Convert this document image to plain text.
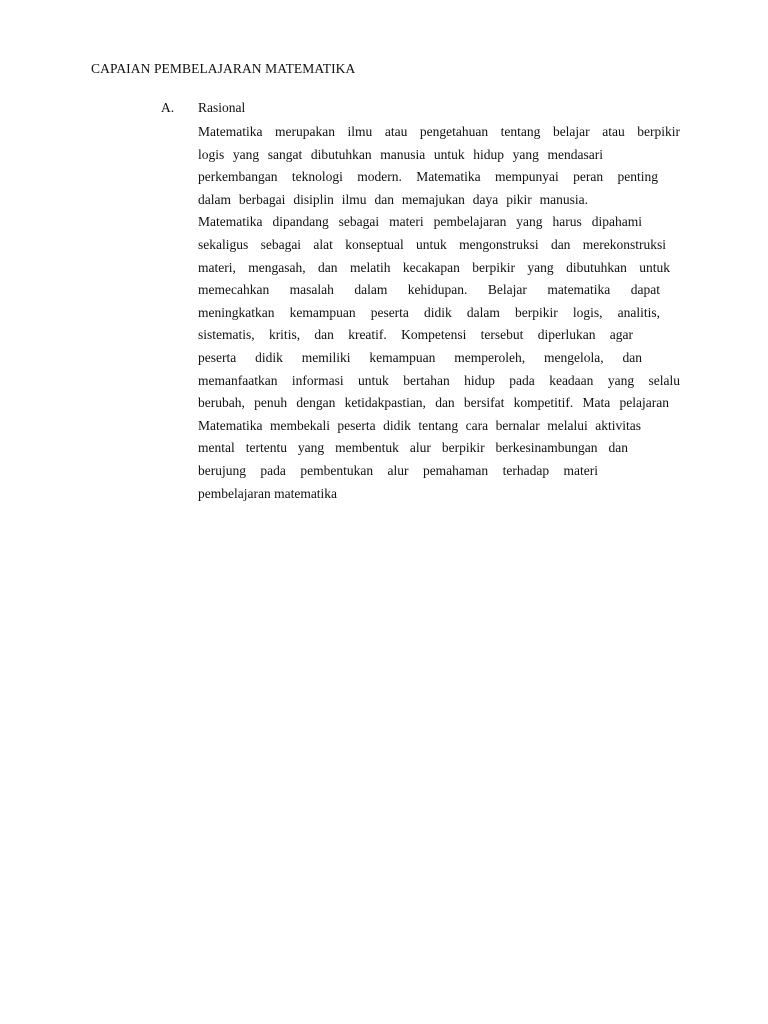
CAPAIAN PEMBELAJARAN MATEMATIKA
A. Rasional
Matematika merupakan ilmu atau pengetahuan tentang belajar atau berpikir
logis yang sangat dibutuhkan manusia untuk hidup yang mendasari
perkembangan teknologi modern. Matematika mempunyai peran penting
dalam berbagai disiplin ilmu dan memajukan daya pikir manusia.
Matematika dipandang sebagai materi pembelajaran yang harus dipahami
sekaligus sebagai alat konseptual untuk mengonstruksi dan merekonstruksi
materi, mengasah, dan melatih kecakapan berpikir yang dibutuhkan untuk
memecahkan masalah dalam kehidupan. Belajar matematika dapat
meningkatkan kemampuan peserta didik dalam berpikir logis, analitis,
sistematis, kritis, dan kreatif. Kompetensi tersebut diperlukan agar
peserta didik memiliki kemampuan memperoleh, mengelola, dan
memanfaatkan informasi untuk bertahan hidup pada keadaan yang selalu
berubah, penuh dengan ketidakpastian, dan bersifat kompetitif. Mata pelajaran
Matematika membekali peserta didik tentang cara bernalar melalui aktivitas
mental tertentu yang membentuk alur berpikir berkesinambungan dan
berujung pada pembentukan alur pemahaman terhadap materi
pembelajaran matematika
